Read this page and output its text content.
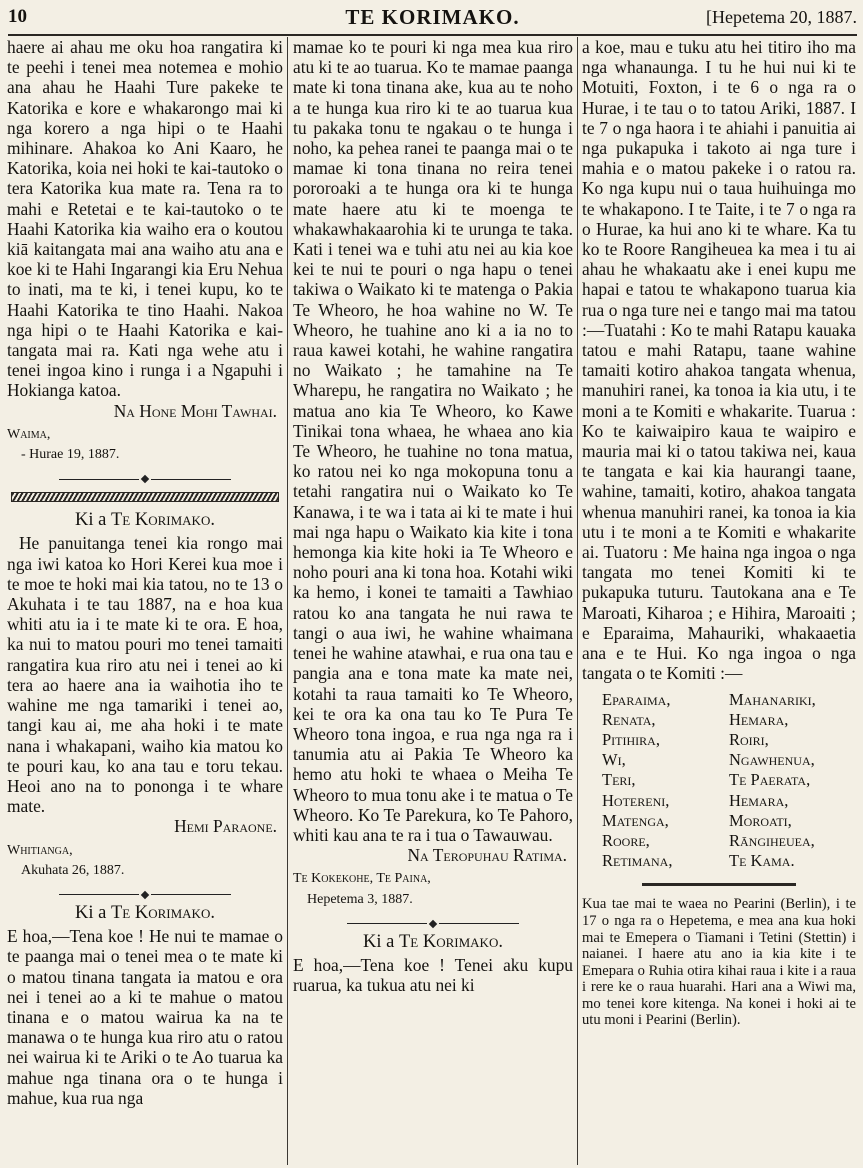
10	TE KORIMAKO.	[Hepetema 20, 1887.

haere ai ahau me oku hoa rangatira ki te peehi i tenei mea notemea e mohio ana ahau he Haahi Ture pakeke te Katorika e kore e whakarongo mai ki nga korero a nga hipi o te Haahi mihinare. Ahakoa ko Ani Kaaro, he Katorika, koia nei hoki te kai-tautoko o tera Katorika kua mate ra. Tena ra to mahi e Retetai e te kai-tautoko o te Haahi Katorika kia waiho era o koutou kiā kaitangata mai ana waiho atu ana e koe ki te Hahi Ingarangi kia Eru Nehua to inati, ma te ki, i tenei kupu, ko te Haahi Katorika te tino Haahi. Nakoa nga hipi o te Haahi Katorika e kai-tangata mai ra. Kati nga wehe atu i tenei ingoa kino i runga i a Ngapuhi i Hokianga katoa.

Na Hone Mohi Tawhai.
Waima,
- Hurae 19, 1887.
Ki a Te Korimako.

He panuitanga tenei kia rongo mai nga iwi katoa ko Hori Kerei kua moe i te moe te hoki mai kia tatou, no te 13 o Akuhata i te tau 1887, na e hoa kua whiti atu ia i te mate ki te ora. E hoa, ka nui to matou pouri mo tenei tamaiti rangatira kua riro atu nei i tenei ao ki tera ao haere ana ia waihotia iho te wahine me nga tamariki i tenei ao, tangi kau ai, me aha hoki i te mate nana i whakapani, waiho kia matou ko te pouri kau, ko ana tau e toru tekau. Heoi ano na to pononga i te whare mate.

Hemi Paraone.
Whitianga,
Akuhata 26, 1887.
Ki a Te Korimako.

E hoa,—Tena koe ! He nui te mamae o te paanga mai o tenei mea o te mate ki o matou tinana tangata ia matou e ora nei i tenei ao a ki te mahue o matou tinana e o matou wairua ka na te manawa o te hunga kua riro atu o ratou nei wairua ki te Ariki o te Ao tuarua ka mahue nga tinana ora o te hunga i mahue, kua rua nga

mamae ko te pouri ki nga mea kua riro atu ki te ao tuarua. Ko te mamae paanga mate ki tona tinana ake, kua au te noho a te hunga kua riro ki te ao tuarua kua tu pakaka tonu te ngakau o te hunga i noho, ka pehea ranei te paanga mai o te mamae ki tona tinana no reira tenei pororoaki a te hunga ora ki te hunga mate haere atu ki te moenga te whakawhakaarohia ki te urunga te taka. Kati i tenei wa e tuhi atu nei au kia koe kei te nui te pouri o nga hapu o tenei takiwa o Waikato ki te matenga o Pakia Te Wheoro, he hoa wahine no W. Te Wheoro, he tuahine ano ki a ia no to raua kawei kotahi, he wahine rangatira no Waikato ; he tamahine na Te Wharepu, he rangatira no Waikato ; he matua ano kia Te Wheoro, ko Kawe Tinikai tona whaea, he whaea ano kia Te Wheoro, he tuahine no tona matua, ko ratou nei ko nga mokopuna tonu a tetahi rangatira nui o Waikato ko Te Kanawa, i te wa i tata ai ki te mate i hui mai nga hapu o Waikato kia kite i tona hemonga kia kite hoki ia Te Wheoro e noho pouri ana ki tona hoa. Kotahi wiki ka hemo, i konei te tamaiti a Tawhiao ratou ko ana tangata he nui rawa te tangi o aua iwi, he wahine whaimana tenei he wahine atawhai, e rua ona tau e pangia ana e tona mate ka mate nei, kotahi ta raua tamaiti ko Te Wheoro, kei te ora ka ona tau ko Te Pura Te Wheoro tona ingoa, e rua nga nga ra i tanumia atu ai Pakia Te Wheoro ka hemo atu hoki te whaea o Meiha Te Wheoro to mua tonu ake i te matua o Te Wheoro. Ko Te Parekura, ko Te Pahoro, whiti kau ana te ra i tua o Tawauwau.

Na Teropuhau Ratima.
Te Kokekohe, Te Paina,
Hepetema 3, 1887.
Ki a Te Korimako.

E hoa,—Tena koe ! Tenei aku kupu ruarua, ka tukua atu nei ki

a koe, mau e tuku atu hei titiro iho ma nga whanaunga. I tu he hui nui ki te Motuiti, Foxton, i te 6 o nga ra o Hurae, i te tau o to tatou Ariki, 1887. I te 7 o nga haora i te ahiahi i panuitia ai nga pukapuka i takoto ai nga ture i mahia e o matou pakeke i o ratou ra. Ko nga kupu nui o taua huihuinga mo te whakapono. I te Taite, i te 7 o nga ra o Hurae, ka hui ano ki te whare. Ka tu ko te Roore Rangiheuea ka mea i tu ai ahau he whakaatu ake i enei kupu me hapai e tatou te whakapono tuarua kia rua o nga ture nei e tango mai ma tatou :—Tuatahi : Ko te mahi Ratapu kauaka tatou e mahi Ratapu, taane wahine tamaiti kotiro ahakoa tangata whenua, manuhiri ranei, ka tonoa ia kia utu, i te moni a te Komiti e whakarite. Tuarua : Ko te kaiwaipiro kaua te waipiro e mauria mai ki o tatou takiwa nei, kaua te tangata e kai kia haurangi taane, wahine, tamaiti, kotiro, ahakoa tangata whenua manuhiri ranei, ka tonoa ia kia utu i te moni a te Komiti e whakarite ai. Tuatoru : Me haina nga ingoa o nga tangata mo tenei Komiti ki te pukapuka tuturu. Tautokana ana e Te Maroati, Kiharoa ; e Hihira, Maroaiti ; e Eparaima, Mahauriki, whakaaetia ana e te Hui. Ko nga ingoa o nga tangata o te Komiti :—

Eparaima,	Mahanariki,
Renata,	Hemara,
Pitihira,	Roiri,
Wi,	Ngawhenua,
Teri,	Te Paerata,
Hotereni,	Hemara,
Matenga,	Moroati,
Roore,	Rāngiheuea,
Retimana,	Te Kama.

Kua tae mai te waea no Pearini (Berlin), i te 17 o nga ra o Hepetema, e mea ana kua hoki mai te Emepera o Tiamani i Tetini (Stettin) i naianei. I haere atu ano ia kia kite i te Emepara o Ruhia otira kihai raua i kite i a raua i rere ke o raua huarahi. Hari ana a Wiwi ma, mo tenei kore kitenga. Na konei i hoki ai te utu moni i Pearini (Berlin).
